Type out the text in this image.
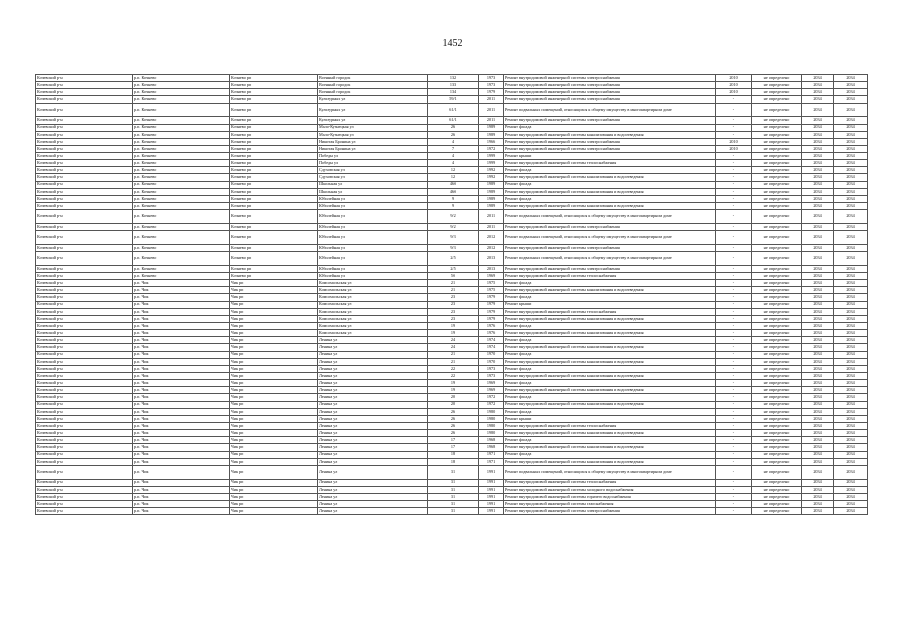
1452
Кочевский р-н	р.п. Кочнево	Кочнево рп	Военный городок	132	1973	Ремонт внутридомовой инженерной системы электроснабжения	2010	не определено	2034	2034
Кочевский р-н	р.п. Кочнево	Кочнево рп	Военный городок	133	1973	Ремонт внутридомовой инженерной системы электроснабжения	2010	не определено	2034	2034
Кочевский р-н	р.п. Кочнево	Кочнево рп	Военный городок	134	1979	Ремонт внутридомовой инженерной системы электроснабжения	2010	не определено	2034	2034
Кочевский р-н	р.п. Кочнево	Кочнево рп	Культурных ул	59/1	2011	Ремонт внутридомовой инженерной системы электроснабжения	-	не определено	2034	2034
Кочевский р-н	р.п. Кочнево	Кочнево рп	Культурных ул	61/1	2011	Ремонт подвальных помещений, относящихся к общему имуществу в многоквартирном доме	-	не определено	2034	2034
Кочевский р-н	р.п. Кочнево	Кочнево рп	Культурных ул	61/1	2011	Ремонт внутридомовой инженерной системы электроснабжения	-	не определено	2034	2034
Кочевский р-н	р.п. Кочнево	Кочнево рп	Мало-Кузнецкая ул	26	1989	Ремонт фасада	-	не определено	2034	2034
Кочевский р-н	р.п. Кочнево	Кочнево рп	Мало-Кузнецкая ул	26	1989	Ремонт внутридомовой инженерной системы канализования и водоотведения	-	не определено	2034	2034
Кочевский р-н	р.п. Кочнево	Кочнево рп	Никитая Бронина ул	4	1966	Ремонт внутридомовой инженерной системы электроснабжения	2010	не определено	2034	2034
Кочевский р-н	р.п. Кочнево	Кочнево рп	Никитая Бронина ул	7	1972	Ремонт внутридомовой инженерной системы электроснабжения	2010	не определено	2034	2034
Кочевский р-н	р.п. Кочнево	Кочнево рп	Победы ул	4	1999	Ремонт крыши	-	не определено	2034	2034
Кочевский р-н	р.п. Кочнево	Кочнево рп	Победы ул	4	1999	Ремонт внутридомовой инженерной системы теплоснабжения	-	не определено	2034	2034
Кочевский р-н	р.п. Кочнево	Кочнево рп	Сдуховская ул	12	1992	Ремонт фасада	-	не определено	2034	2034
Кочевский р-н	р.п. Кочнево	Кочнево рп	Сдуховская ул	12	1992	Ремонт внутридомовой инженерной системы канализования и водоотведения	-	не определено	2034	2034
Кочевский р-н	р.п. Кочнево	Кочнево рп	Школьная ул	46б	1989	Ремонт фасада	-	не определено	2034	2034
Кочевский р-н	р.п. Кочнево	Кочнево рп	Школьная ул	46б	1989	Ремонт внутридомовой инженерной системы канализования и водоотведения	-	не определено	2034	2034
Кочевский р-н	р.п. Кочнево	Кочнево рп	Юбилейная ул	9	1989	Ремонт фасада	-	не определено	2034	2034
Кочевский р-н	р.п. Кочнево	Кочнево рп	Юбилейная ул	9	1989	Ремонт внутридомовой инженерной системы канализования и водоотведения	-	не определено	2034	2034
Кочевский р-н	р.п. Кочнево	Кочнево рп	Юбилейная ул	9/2	2011	Ремонт подвальных помещений, относящихся к общему имуществу в многоквартирном доме	-	не определено	2034	2034
Кочевский р-н	р.п. Кочнево	Кочнево рп	Юбилейная ул	9/2	2011	Ремонт внутридомовой инженерной системы электроснабжения	-	не определено	2034	2034
Кочевский р-н	р.п. Кочнево	Кочнево рп	Юбилейная ул	9/3	2012	Ремонт подвальных помещений, относящихся к общему имуществу в многоквартирном доме	-	не определено	2034	2034
Кочевский р-н	р.п. Кочнево	Кочнево рп	Юбилейная ул	9/3	2012	Ремонт внутридомовой инженерной системы электроснабжения	-	не определено	2034	2034
Кочевский р-н	р.п. Кочнево	Кочнево рп	Юбилейная ул	2/5	2013	Ремонт подвальных помещений, относящихся к общему имуществу в многоквартирном доме	-	не определено	2034	2034
Кочевский р-н	р.п. Кочнево	Кочнево рп	Юбилейная ул	2/5	2013	Ремонт внутридомовой инженерной системы электроснабжения	-	не определено	2034	2034
Кочевский р-н	р.п. Кочнево	Кочнево рп	Юбилейная ул	5б	1969	Ремонт внутридомовой инженерной системы теплоснабжения	-	не определено	2034	2034
Кочевский р-н	р.п. Чик	Чик рп	Комсомольская ул	21	1975	Ремонт фасада	-	не определено	2034	2034
Кочевский р-н	р.п. Чик	Чик рп	Комсомольская ул	21	1975	Ремонт внутридомовой инженерной системы канализования и водоотведения	-	не определено	2034	2034
Кочевский р-н	р.п. Чик	Чик рп	Комсомольская ул	23	1979	Ремонт фасада	-	не определено	2034	2034
Кочевский р-н	р.п. Чик	Чик рп	Комсомольская ул	23	1979	Ремонт крыши	-	не определено	2034	2034
Кочевский р-н	р.п. Чик	Чик рп	Комсомольская ул	23	1979	Ремонт внутридомовой инженерной системы теплоснабжения	-	не определено	2034	2034
Кочевский р-н	р.п. Чик	Чик рп	Комсомольская ул	23	1979	Ремонт внутридомовой инженерной системы канализования и водоотведения	-	не определено	2034	2034
Кочевский р-н	р.п. Чик	Чик рп	Комсомольская ул	19	1976	Ремонт фасада	-	не определено	2034	2034
Кочевский р-н	р.п. Чик	Чик рп	Комсомольская ул	19	1976	Ремонт внутридомовой инженерной системы канализования и водоотведения	-	не определено	2034	2034
Кочевский р-н	р.п. Чик	Чик рп	Ленина ул	24	1974	Ремонт фасада	-	не определено	2034	2034
Кочевский р-н	р.п. Чик	Чик рп	Ленина ул	24	1974	Ремонт внутридомовой инженерной системы канализования и водоотведения	-	не определено	2034	2034
Кочевский р-н	р.п. Чик	Чик рп	Ленина ул	21	1970	Ремонт фасада	-	не определено	2034	2034
Кочевский р-н	р.п. Чик	Чик рп	Ленина ул	21	1970	Ремонт внутридомовой инженерной системы канализования и водоотведения	-	не определено	2034	2034
Кочевский р-н	р.п. Чик	Чик рп	Ленина ул	22	1973	Ремонт фасада	-	не определено	2034	2034
Кочевский р-н	р.п. Чик	Чик рп	Ленина ул	22	1973	Ремонт внутридомовой инженерной системы канализования и водоотведения	-	не определено	2034	2034
Кочевский р-н	р.п. Чик	Чик рп	Ленина ул	19	1969	Ремонт фасада	-	не определено	2034	2034
Кочевский р-н	р.п. Чик	Чик рп	Ленина ул	19	1969	Ремонт внутридомовой инженерной системы канализования и водоотведения	-	не определено	2034	2034
Кочевский р-н	р.п. Чик	Чик рп	Ленина ул	20	1972	Ремонт фасада	-	не определено	2034	2034
Кочевский р-н	р.п. Чик	Чик рп	Ленина ул	20	1972	Ремонт внутридомовой инженерной системы канализования и водоотведения	-	не определено	2034	2034
Кочевский р-н	р.п. Чик	Чик рп	Ленина ул	26	1980	Ремонт фасада	-	не определено	2034	2034
Кочевский р-н	р.п. Чик	Чик рп	Ленина ул	26	1980	Ремонт крыши	-	не определено	2034	2034
Кочевский р-н	р.п. Чик	Чик рп	Ленина ул	26	1980	Ремонт внутридомовой инженерной системы теплоснабжения	-	не определено	2034	2034
Кочевский р-н	р.п. Чик	Чик рп	Ленина ул	26	1980	Ремонт внутридомовой инженерной системы канализования и водоотведения	-	не определено	2034	2034
Кочевский р-н	р.п. Чик	Чик рп	Ленина ул	17	1968	Ремонт фасада	-	не определено	2034	2034
Кочевский р-н	р.п. Чик	Чик рп	Ленина ул	17	1968	Ремонт внутридомовой инженерной системы канализования и водоотведения	-	не определено	2034	2034
Кочевский р-н	р.п. Чик	Чик рп	Ленина ул	18	1971	Ремонт фасада	-	не определено	2034	2034
Кочевский р-н	р.п. Чик	Чик рп	Ленина ул	18	1971	Ремонт внутридомовой инженерной системы канализования и водоотведения	-	не определено	2034	2034
Кочевский р-н	р.п. Чик	Чик рп	Ленина ул	31	1991	Ремонт подвальных помещений, относящихся к общему имуществу в многоквартирном доме	-	не определено	2034	2034
Кочевский р-н	р.п. Чик	Чик рп	Ленина ул	31	1991	Ремонт внутридомовой инженерной системы теплоснабжения	-	не определено	2034	2034
Кочевский р-н	р.п. Чик	Чик рп	Ленина ул	31	1991	Ремонт внутридомовой инженерной системы холодного водоснабжения	-	не определено	2034	2034
Кочевский р-н	р.п. Чик	Чик рп	Ленина ул	31	1991	Ремонт внутридомовой инженерной системы горячего водоснабжения	-	не определено	2034	2034
Кочевский р-н	р.п. Чик	Чик рп	Ленина ул	31	1991	Ремонт внутридомовой инженерной системы газоснабжения	-	не определено	2034	2034
Кочевский р-н	р.п. Чик	Чик рп	Ленина ул	31	1991	Ремонт внутридомовой инженерной системы электроснабжения	-	не определено	2034	2034
